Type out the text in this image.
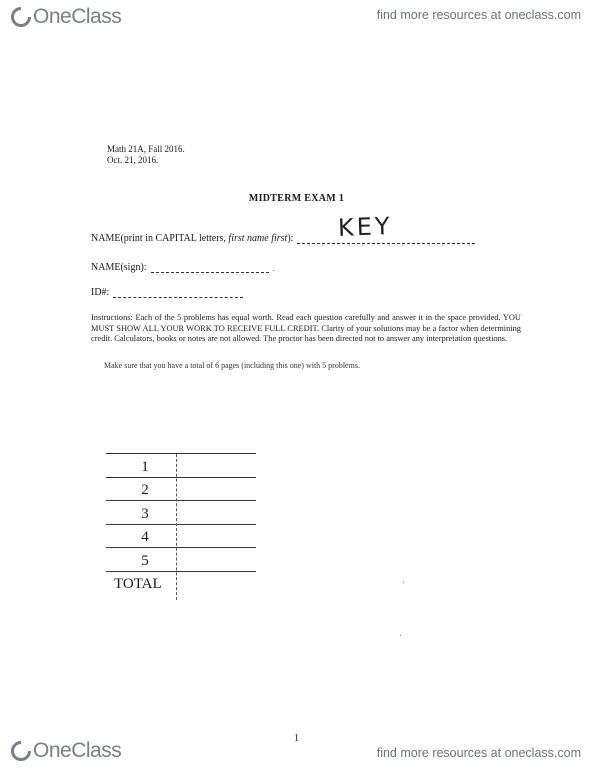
OneClass	find more resources at oneclass.com
Math 21A, Fall 2016.
Oct. 21, 2016.
MIDTERM EXAM 1
NAME(print in CAPITAL letters, first name first): KEY
NAME(sign):	.
ID#:
Instructions: Each of the 5 problems has equal worth. Read each question carefully and answer it in the space provided. YOU MUST SHOW ALL YOUR WORK TO RECEIVE FULL CREDIT. Clarity of your solutions may be a factor when determining credit. Calculators, books or notes are not allowed. The proctor has been directed not to answer any interpretation questions.
Make sure that you have a total of 6 pages (including this one) with 5 problems.
1
2
3
4
5
TOTAL	'
'
1
OneClass	find more resources at oneclass.com
